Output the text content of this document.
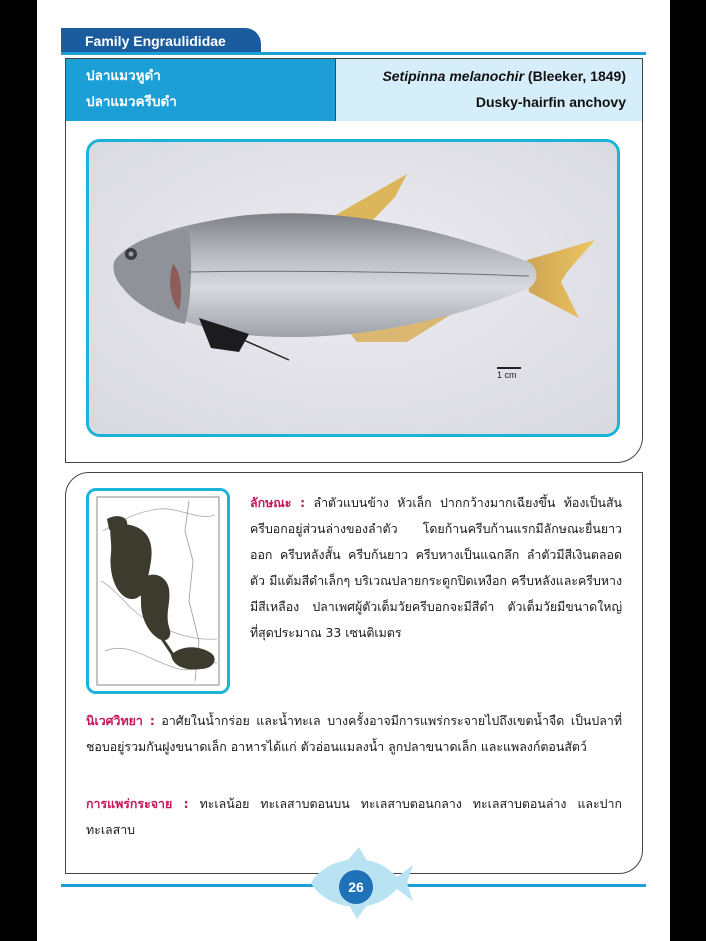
Family Engraulididae
ปลาแมวหูดำ
ปลาแมวครีบดำ
Setipinna melanochir (Bleeker, 1849)
Dusky-hairfin anchovy
1 cm
ลักษณะ : ลำตัวแบนข้าง หัวเล็ก ปากกว้างมากเฉียงขึ้น ท้องเป็นสัน ครีบอกอยู่ส่วนล่างของลำตัว โดยก้านครีบก้านแรกมีลักษณะยื่นยาวออก ครีบหลังสั้น ครีบก้นยาว ครีบหางเป็นแฉกลึก ลำตัวมีสีเงินตลอดตัว มีแต้มสีดำเล็กๆ บริเวณปลายกระดูกปิดเหงือก ครีบหลังและครีบหางมีสีเหลือง ปลาเพศผู้ตัวเต็มวัยครีบอกจะมีสีดำ ตัวเต็มวัยมีขนาดใหญ่ที่สุดประมาณ 33 เซนติเมตร
นิเวศวิทยา : อาศัยในน้ำกร่อย และน้ำทะเล บางครั้งอาจมีการแพร่กระจายไปถึงเขตน้ำจืด เป็นปลาที่ชอบอยู่รวมกันฝูงขนาดเล็ก อาหารได้แก่ ตัวอ่อนแมลงน้ำ ลูกปลาขนาดเล็ก และแพลงก์ตอนสัตว์
การแพร่กระจาย : ทะเลน้อย ทะเลสาบตอนบน ทะเลสาบตอนกลาง ทะเลสาบตอนล่าง และปากทะเลสาบ
26
